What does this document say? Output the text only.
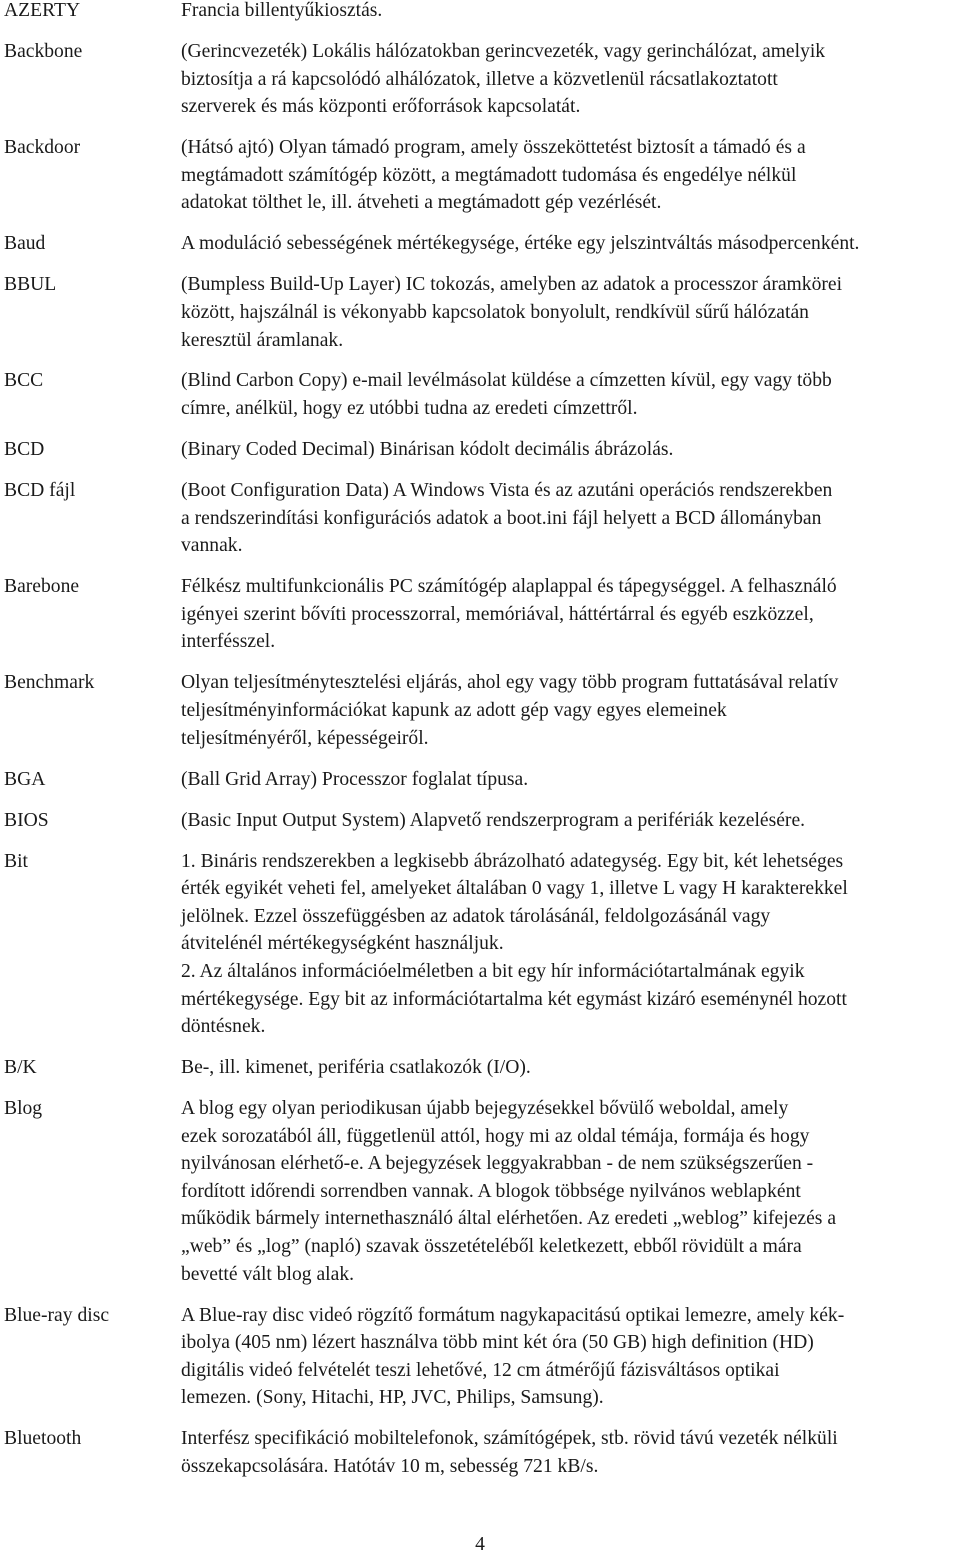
AZERTY	Francia billentyűkiosztás.
Backbone	(Gerincvezeték) Lokális hálózatokban gerincvezeték, vagy gerinchálózat, amelyik
biztosítja a rá kapcsolódó alhálózatok, illetve a közvetlenül rácsatlakoztatott
szerverek és más központi erőforrások kapcsolatát.
Backdoor	(Hátsó ajtó) Olyan támadó program, amely összeköttetést biztosít a támadó és a
megtámadott számítógép között, a megtámadott tudomása és engedélye nélkül
adatokat tölthet le, ill. átveheti a megtámadott gép vezérlését.
Baud	A moduláció sebességének mértékegysége, értéke egy jelszintváltás másodpercenként.
BBUL	(Bumpless Build-Up Layer) IC tokozás, amelyben az adatok a processzor áramkörei
között, hajszálnál is vékonyabb kapcsolatok bonyolult, rendkívül sűrű hálózatán
keresztül áramlanak.
BCC	(Blind Carbon Copy) e-mail levélmásolat küldése a címzetten kívül, egy vagy több
címre, anélkül, hogy ez utóbbi tudna az eredeti címzettről.
BCD	(Binary Coded Decimal) Binárisan kódolt decimális ábrázolás.
BCD fájl	(Boot Configuration Data) A Windows Vista és az azutáni operációs rendszerekben
a rendszerindítási konfigurációs adatok a boot.ini fájl helyett a BCD állományban
vannak.
Barebone	Félkész multifunkcionális PC számítógép alaplappal és tápegységgel. A felhasználó
igényei szerint bővíti processzorral, memóriával, háttértárral és egyéb eszközzel,
interfésszel.
Benchmark	Olyan teljesítménytesztelési eljárás, ahol egy vagy több program futtatásával relatív
teljesítményinformációkat kapunk az adott gép vagy egyes elemeinek
teljesítményéről, képességeiről.
BGA	(Ball Grid Array) Processzor foglalat típusa.
BIOS	(Basic Input Output System) Alapvető rendszerprogram a perifériák kezelésére.
Bit	1. Bináris rendszerekben a legkisebb ábrázolható adategység. Egy bit, két lehetséges
érték egyikét veheti fel, amelyeket általában 0 vagy 1, illetve L vagy H karakterekkel
jelölnek. Ezzel összefüggésben az adatok tárolásánál, feldolgozásánál vagy
átvitelénél mértékegységként használjuk.
2. Az általános információelméletben a bit egy hír információtartalmának egyik
mértékegysége. Egy bit az információtartalma két egymást kizáró eseménynél hozott
döntésnek.
B/K	Be-, ill. kimenet, periféria csatlakozók (I/O).
Blog	A blog egy olyan periodikusan újabb bejegyzésekkel bővülő weboldal, amely
ezek sorozatából áll, függetlenül attól, hogy mi az oldal témája, formája és hogy
nyilvánosan elérhető-e. A bejegyzések leggyakrabban - de nem szükségszerűen -
fordított időrendi sorrendben vannak. A blogok többsége nyilvános weblapként
működik bármely internethasználó által elérhetően. Az eredeti „weblog” kifejezés a
„web” és „log” (napló) szavak összetételéből keletkezett, ebből rövidült a mára
bevetté vált blog alak.
Blue-ray disc	A Blue-ray disc videó rögzítő formátum nagykapacitású optikai lemezre, amely kék-
ibolya (405 nm) lézert használva több mint két óra (50 GB) high definition (HD)
digitális videó felvételét teszi lehetővé, 12 cm átmérőjű fázisváltásos optikai
lemezen. (Sony, Hitachi, HP, JVC, Philips, Samsung).
Bluetooth	Interfész specifikáció mobiltelefonok, számítógépek, stb. rövid távú vezeték nélküli
összekapcsolására. Hatótáv 10 m, sebesség 721 kB/s.
4
